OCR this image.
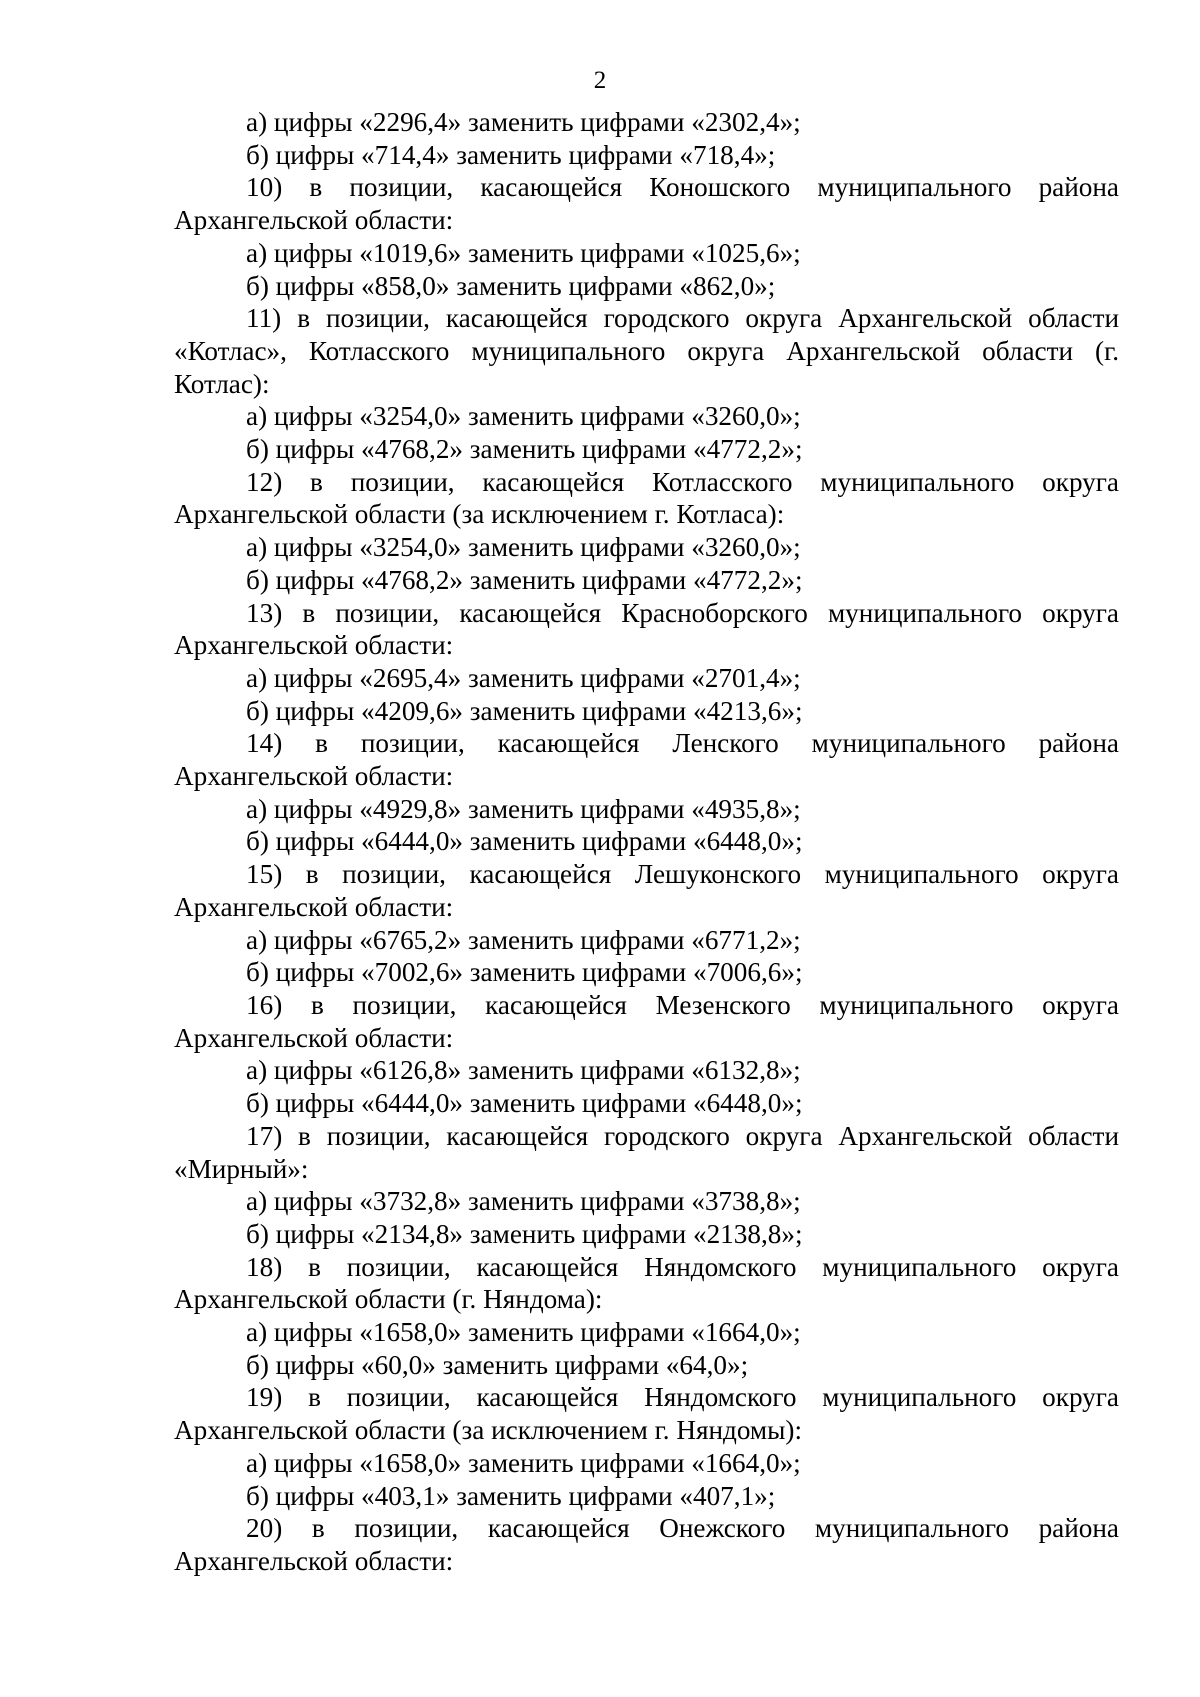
2

а) цифры «2296,4» заменить цифрами «2302,4»;

б) цифры «714,4» заменить цифрами «718,4»;

10) в позиции, касающейся Коношского муниципального района Архангельской области:

а) цифры «1019,6» заменить цифрами «1025,6»;

б) цифры «858,0» заменить цифрами «862,0»;

11) в позиции, касающейся городского округа Архангельской области «Котлас», Котласского муниципального округа Архангельской области (г. Котлас):

а) цифры «3254,0» заменить цифрами «3260,0»;

б) цифры «4768,2» заменить цифрами «4772,2»;

12) в позиции, касающейся Котласского муниципального округа Архангельской области (за исключением г. Котласа):

а) цифры «3254,0» заменить цифрами «3260,0»;

б) цифры «4768,2» заменить цифрами «4772,2»;

13) в позиции, касающейся Красноборского муниципального округа Архангельской области:

а) цифры «2695,4» заменить цифрами «2701,4»;

б) цифры «4209,6» заменить цифрами «4213,6»;

14) в позиции, касающейся Ленского муниципального района Архангельской области:

а) цифры «4929,8» заменить цифрами «4935,8»;

б) цифры «6444,0» заменить цифрами «6448,0»;

15) в позиции, касающейся Лешуконского муниципального округа Архангельской области:

а) цифры «6765,2» заменить цифрами «6771,2»;

б) цифры «7002,6» заменить цифрами «7006,6»;

16) в позиции, касающейся Мезенского муниципального округа Архангельской области:

а) цифры «6126,8» заменить цифрами «6132,8»;

б) цифры «6444,0» заменить цифрами «6448,0»;

17) в позиции, касающейся городского округа Архангельской области «Мирный»:

а) цифры «3732,8» заменить цифрами «3738,8»;

б) цифры «2134,8» заменить цифрами «2138,8»;

18) в позиции, касающейся Няндомского муниципального округа Архангельской области (г. Няндома):

а) цифры «1658,0» заменить цифрами «1664,0»;

б) цифры «60,0» заменить цифрами «64,0»;

19) в позиции, касающейся Няндомского муниципального округа Архангельской области (за исключением г. Няндомы):

а) цифры «1658,0» заменить цифрами «1664,0»;

б) цифры «403,1» заменить цифрами «407,1»;

20) в позиции, касающейся Онежского муниципального района Архангельской области:
